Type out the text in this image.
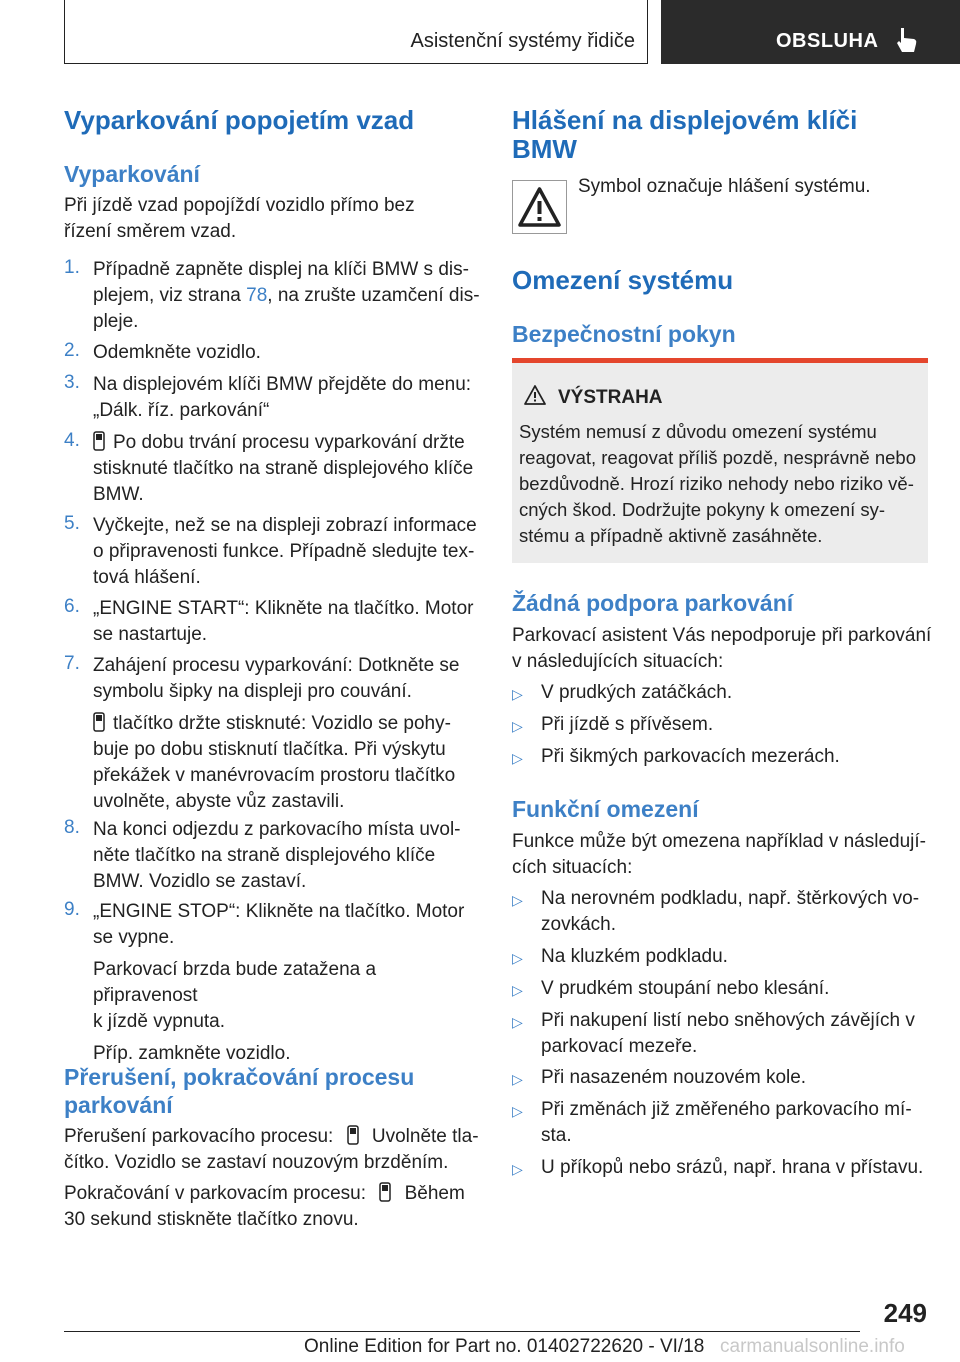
Asistenční systémy řidiče	OBSLUHA
Vyparkování popojetím vzad
Vyparkování

Při jízdě vzad popojíždí vozidlo přímo bez řízení směrem vzad.

1. Případně zapněte displej na klíči BMW s dis-
plejem, viz strana 78, na zrušte uzamčení dis-
pleje.
2. Odemkněte vozidlo.
3. Na displejovém klíči BMW přejděte do menu:
„Dálk. říz. parkování“
4.	Po dobu trvání procesu vyparkování držte
stisknuté tlačítko na straně displejového klíče
BMW.
5. Vyčkejte, než se na displeji zobrazí informace
o připravenosti funkce. Případně sledujte tex-
tová hlášení.
6. „ENGINE START“: Klikněte na tlačítko. Motor
se nastartuje.
7. Zahájení procesu vyparkování: Dotkněte se
symbolu šipky na displeji pro couvání.
tlačítko držte stisknuté: Vozidlo se pohy-
buje po dobu stisknutí tlačítka. Při výskytu
překážek v manévrovacím prostoru tlačítko
uvolněte, abyste vůz zastavili.
8. Na konci odjezdu z parkovacího místa uvol-
něte tlačítko na straně displejového klíče
BMW. Vozidlo se zastaví.
9. „ENGINE STOP“: Klikněte na tlačítko. Motor
se vypne.
Parkovací brzda bude zatažena a připravenost
k jízdě vypnuta.
Příp. zamkněte vozidlo.
Přerušení, pokračování procesu
parkování

Přerušení parkovacího procesu:  Uvolněte tla-
čítko. Vozidlo se zastaví nouzovým brzděním.

Pokračování v parkovacím procesu:  Během
30 sekund stiskněte tlačítko znovu.

Hlášení na displejovém klíči
BMW

Symbol označuje hlášení systému.

Omezení systému
Bezpečnostní pokyn
VÝSTRAHA
Systém nemusí z důvodu omezení systému
reagovat, reagovat příliš pozdě, nesprávně nebo
bezdůvodně. Hrozí riziko nehody nebo riziko vě-
cných škod. Dodržujte pokyny k omezení sy-
stému a případně aktivně zasáhněte.
Žádná podpora parkování

Parkovací asistent Vás nepodporuje při parkování
v následujících situacích:

▷ V prudkých zatáčkách.
▷ Při jízdě s přívěsem.
▷ Při šikmých parkovacích mezerách.
Funkční omezení

Funkce může být omezena například v následují-
cích situacích:

▷ Na nerovném podkladu, např. štěrkových vo-
zovkách.
▷ Na kluzkém podkladu.
▷ V prudkém stoupání nebo klesání.
▷ Při nakupení listí nebo sněhových závějích v
parkovací mezeře.
▷ Při nasazeném nouzovém kole.
▷ Při změnách již změřeného parkovacího mí-
sta.
▷ U příkopů nebo srázů, např. hrana v přístavu.
249
Online Edition for Part no. 01402722620 - VI/18 carmanualsonline.info
